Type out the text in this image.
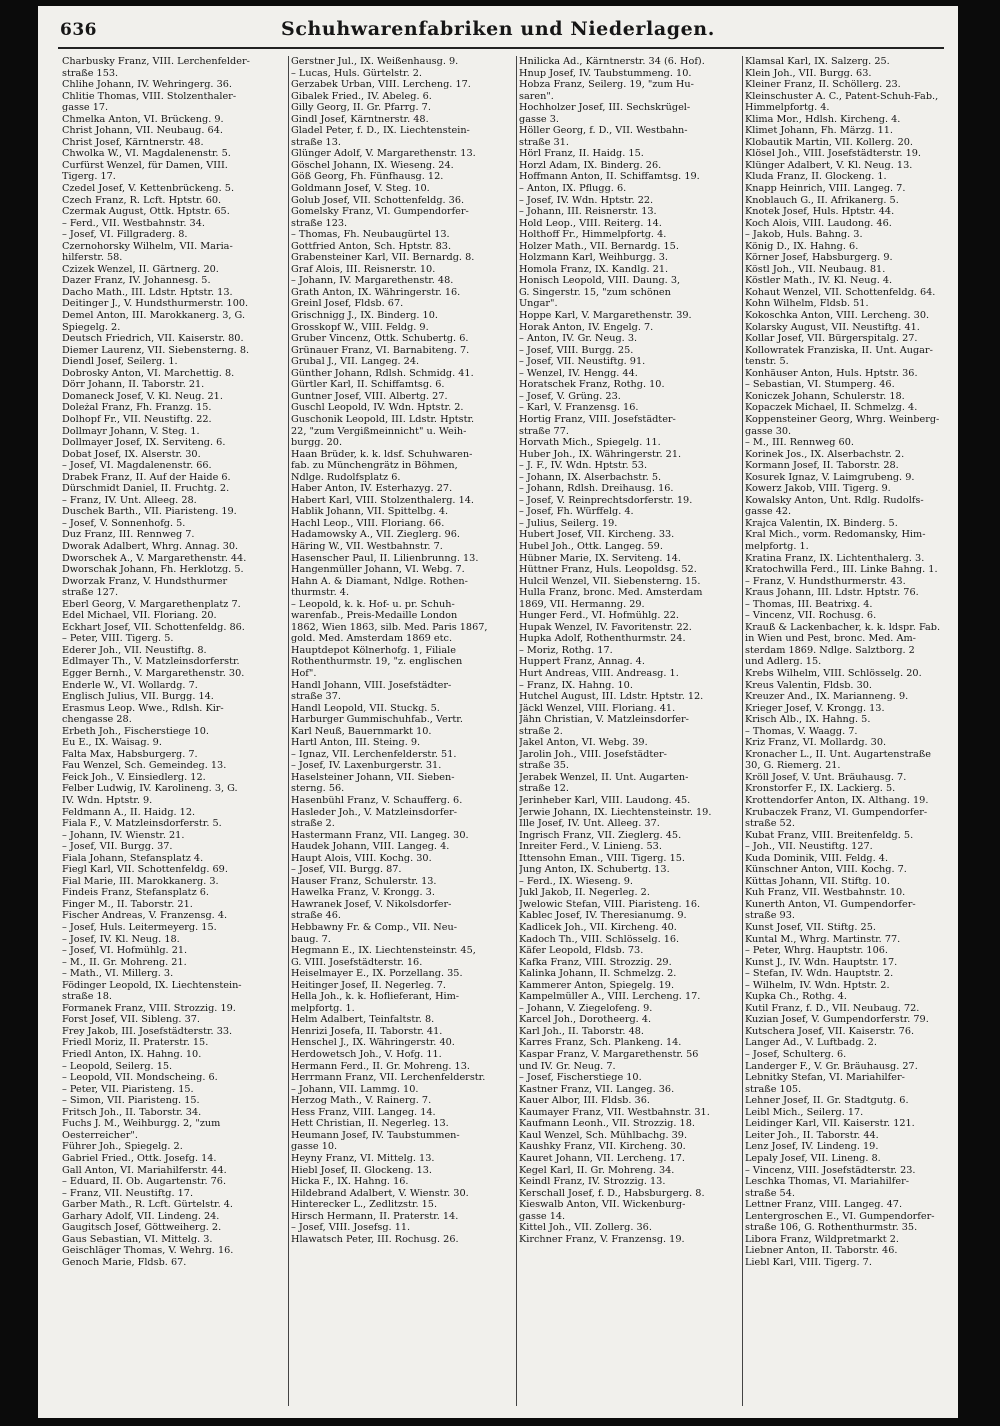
636	Schuhwarenfabriken und Niederlagen.
Charbusky Franz, VIII. Lerchenfelder-
straße 153.
Chlihe Johann, IV. Wehringerg. 36.
Chlitie Thomas, VIII. Stolzenthaler-
gasse 17.
Chmelka Anton, VI. Brückeng. 9.
Christ Johann, VII. Neubaug. 64.
Christ Josef, Kärntnerstr. 48.
Chwolka W., VI. Magdalenenstr. 5.
Curfürst Wenzel, für Damen, VIII.
Tigerg. 17.
Czedel Josef, V. Kettenbrückeng. 5.
Czech Franz, R. Lcft. Hptstr. 60.
Czermak August, Ottk. Hptstr. 65.
– Ferd., VII. Westbahnstr. 34.
– Josef, VI. Fillgraderg. 8.
Czernohorsky Wilhelm, VII. Maria-
hilferstr. 58.
Czizek Wenzel, II. Gärtnerg. 20.
Dazer Franz, IV. Johannesg. 5.
Dacho Math., III. Ldstr. Hptstr. 13.
Deitinger J., V. Hundsthurmerstr. 100.
Demel Anton, III. Marokkanerg. 3, G.
Spiegelg. 2.
Deutsch Friedrich, VII. Kaiserstr. 80.
Diemer Laurenz, VII. Siebensterng. 8.
Diendl Josef, Seilerg. 1.
Dobrosky Anton, VI. Marchettig. 8.
Dörr Johann, II. Taborstr. 21.
Domaneck Josef, V. Kl. Neug. 21.
Doleżal Franz, Fh. Franzg. 15.
Dolhopf Fr., VII. Neustiftg. 22.
Dollmayr Johann, V. Steg. 1.
Dollmayer Josef, IX. Serviteng. 6.
Dobat Josef, IX. Alserstr. 30.
– Josef, VI. Magdalenenstr. 66.
Drabek Franz, II. Auf der Haide 6.
Dürschmidt Daniel, II. Fruchtg. 2.
– Franz, IV. Unt. Alleeg. 28.
Duschek Barth., VII. Piaristeng. 19.
– Josef, V. Sonnenhofg. 5.
Duz Franz, III. Rennweg 7.
Dworak Adalbert, Whrg. Annag. 30.
Dworschek A., V. Margarethenstr. 44.
Dworschak Johann, Fh. Herklotzg. 5.
Dworzak Franz, V. Hundsthurmer
straße 127.
Eberl Georg, V. Margarethenplatz 7.
Edel Michael, VII. Floriang. 20.
Eckhart Josef, VII. Schottenfeldg. 86.
– Peter, VIII. Tigerg. 5.
Ederer Joh., VII. Neustiftg. 8.
Edlmayer Th., V. Matzleinsdorferstr.
Egger Bernh., V. Margarethenstr. 30.
Enderle W., VI. Wollardg. 7.
Englisch Julius, VII. Burgg. 14.
Erasmus Leop. Wwe., Rdlsh. Kir-
chengasse 28.
Erbeth Joh., Fischerstiege 10.
Eu E., IX. Waisag. 9.
Falta Max, Habsburgerg. 7.
Fau Wenzel, Sch. Gemeindeg. 13.
Feick Joh., V. Einsiedlerg. 12.
Felber Ludwig, IV. Karolineng. 3, G.
IV. Wdn. Hptstr. 9.
Feldmann A., II. Haidg. 12.
Fiala F., V. Matzleinsdorferstr. 5.
– Johann, IV. Wienstr. 21.
– Josef, VII. Burgg. 37.
Fiala Johann, Stefansplatz 4.
Fiegl Karl, VII. Schottenfeldg. 69.
Fial Marie, III. Marokkanerg. 3.
Findeis Franz, Stefansplatz 6.
Finger M., II. Taborstr. 21.
Fischer Andreas, V. Franzensg. 4.
– Josef, Huls. Leitermeyerg. 15.
– Josef, IV. Kl. Neug. 18.
– Josef, VI. Hofmühlg. 21.
– M., II. Gr. Mohreng. 21.
– Math., VI. Millerg. 3.
Födinger Leopold, IX. Liechtenstein-
straße 18.
Formanek Franz, VIII. Strozzig. 19.
Forst Josef, VII. Sibleng. 37.
Frey Jakob, III. Josefstädterstr. 33.
Friedl Moriz, II. Praterstr. 15.
Friedl Anton, IX. Hahng. 10.
– Leopold, Seilerg. 15.
– Leopold, VII. Mondscheing. 6.
– Peter, VII. Piaristeng. 15.
– Simon, VII. Piaristeng. 15.
Fritsch Joh., II. Taborstr. 34.
Fuchs J. M., Weihburgg. 2, "zum
Oesterreicher".
Führer Joh., Spiegelg. 2.
Gabriel Fried., Ottk. Josefg. 14.
Gall Anton, VI. Mariahilferstr. 44.
– Eduard, II. Ob. Augartenstr. 76.
– Franz, VII. Neustiftg. 17.
Garber Math., R. Lcft. Gürtelstr. 4.
Garhary Adolf, VII. Lindeng. 24.
Gaugitsch Josef, Göttweiherg. 2.
Gaus Sebastian, VI. Mittelg. 3.
Geischläger Thomas, V. Wehrg. 16.
Genoch Marie, Fldsb. 67.
Gerstner Jul., IX. Weißenhausg. 9.
– Lucas, Huls. Gürtelstr. 2.
Gerzabek Urban, VIII. Lercheng. 17.
Gibalek Fried., IV. Abeleg. 6.
Gilly Georg, II. Gr. Pfarrg. 7.
Gindl Josef, Kärntnerstr. 48.
Gladel Peter, f. D., IX. Liechtenstein-
straße 13.
Glünger Adolf, V. Margarethenstr. 13.
Göschel Johann, IX. Wieseng. 24.
Göß Georg, Fh. Fünfhausg. 12.
Goldmann Josef, V. Steg. 10.
Golub Josef, VII. Schottenfeldg. 36.
Gomelsky Franz, VI. Gumpendorfer-
straße 123.
– Thomas, Fh. Neubaugürtel 13.
Gottfried Anton, Sch. Hptstr. 83.
Grabensteiner Karl, VII. Bernardg. 8.
Graf Alois, III. Reisnerstr. 10.
– Johann, IV. Margarethenstr. 48.
Grath Anton, IX. Währingerstr. 16.
Greinl Josef, Fldsb. 67.
Grischnigg J., IX. Binderg. 10.
Grosskopf W., VIII. Feldg. 9.
Gruber Vincenz, Ottk. Schubertg. 6.
Grünauer Franz, VI. Barnabiteng. 7.
Grubal J., VII. Langeg. 24.
Günther Johann, Rdlsh. Schmidg. 41.
Gürtler Karl, II. Schiffamtsg. 6.
Guntner Josef, VIII. Albertg. 27.
Guschl Leopold, IV. Wdn. Hptstr. 2.
Guschonik Leopold, III. Ldstr. Hptstr.
22, "zum Vergißmeinnicht" u. Weih-
burgg. 20.
Haan Brüder, k. k. ldsf. Schuhwaren-
fab. zu Münchengrätz in Böhmen,
Ndlge. Rudolfsplatz 6.
Haber Anton, IV. Esterhazyg. 27.
Habert Karl, VIII. Stolzenthalerg. 14.
Hablik Johann, VII. Spittelbg. 4.
Hachl Leop., VIII. Floriang. 66.
Hadamowsky A., VII. Zieglerg. 96.
Häring W., VII. Westbahnstr. 7.
Hasenscher Paul, II. Lilienbrunng. 13.
Hangenmüller Johann, VI. Webg. 7.
Hahn A. & Diamant, Ndlge. Rothen-
thurmstr. 4.
– Leopold, k. k. Hof- u. pr. Schuh-
warenfab., Preis-Medaille London
1862, Wien 1863, silb. Med. Paris 1867,
gold. Med. Amsterdam 1869 etc.
Hauptdepot Kölnerhofg. 1, Filiale
Rothenthurmstr. 19, "z. englischen
Hof".
Handl Johann, VIII. Josefstädter-
straße 37.
Handl Leopold, VII. Stuckg. 5.
Harburger Gummischuhfab., Vertr.
Karl Neuß, Bauernmarkt 10.
Hartl Anton, III. Steing. 9.
– Ignaz, VII. Lerchenfelderstr. 51.
– Josef, IV. Laxenburgerstr. 31.
Haselsteiner Johann, VII. Sieben-
sterng. 56.
Hasenbühl Franz, V. Schaufferg. 6.
Hasleder Joh., V. Matzleinsdorfer-
straße 2.
Hastermann Franz, VII. Langeg. 30.
Haudek Johann, VIII. Langeg. 4.
Haupt Alois, VIII. Kochg. 30.
– Josef, VII. Burgg. 87.
Hauser Franz, Schulerstr. 13.
Hawelka Franz, V. Krongg. 3.
Hawranek Josef, V. Nikolsdorfer-
straße 46.
Hebbawny Fr. & Comp., VII. Neu-
baug. 7.
Hegmann E., IX. Liechtensteinstr. 45,
G. VIII. Josefstädterstr. 16.
Heiselmayer E., IX. Porzellang. 35.
Heitinger Josef, II. Negerleg. 7.
Hella Joh., k. k. Hoflieferant, Him-
melpfortg. 1.
Helm Adalbert, Teinfaltstr. 8.
Henrizi Josefa, II. Taborstr. 41.
Henschel J., IX. Währingerstr. 40.
Herdowetsch Joh., V. Hofg. 11.
Hermann Ferd., II. Gr. Mohreng. 13.
Herrmann Franz, VII. Lerchenfelderstr.
– Johann, VII. Lammg. 10.
Herzog Math., V. Rainerg. 7.
Hess Franz, VIII. Langeg. 14.
Hett Christian, II. Negerleg. 13.
Heumann Josef, IV. Taubstummen-
gasse 10.
Heyny Franz, VI. Mittelg. 13.
Hiebl Josef, II. Glockeng. 13.
Hicka F., IX. Hahng. 16.
Hildebrand Adalbert, V. Wienstr. 30.
Hinterecker L., Zedlitzstr. 15.
Hirsch Hermann, II. Praterstr. 14.
– Josef, VIII. Josefsg. 11.
Hlawatsch Peter, III. Rochusg. 26.
Hnilicka Ad., Kärntnerstr. 34 (6. Hof).
Hnup Josef, IV. Taubstummeng. 10.
Hobza Franz, Seilerg. 19, "zum Hu-
saren".
Hochholzer Josef, III. Sechskrügel-
gasse 3.
Höller Georg, f. D., VII. Westbahn-
straße 31.
Hörl Franz, II. Haidg. 15.
Horzl Adam, IX. Binderg. 26.
Hoffmann Anton, II. Schiffamtsg. 19.
– Anton, IX. Pflugg. 6.
– Josef, IV. Wdn. Hptstr. 22.
– Johann, III. Reisnerstr. 13.
Hold Leop., VIII. Reiterg. 14.
Holthoff Fr., Himmelpfortg. 4.
Holzer Math., VII. Bernardg. 15.
Holzmann Karl, Weihburgg. 3.
Homola Franz, IX. Kandlg. 21.
Honisch Leopold, VIII. Daung. 3,
G. Singerstr. 15, "zum schönen
Ungar".
Hoppe Karl, V. Margarethenstr. 39.
Horak Anton, IV. Engelg. 7.
– Anton, IV. Gr. Neug. 3.
– Josef, VIII. Burgg. 25.
– Josef, VII. Neustiftg. 91.
– Wenzel, IV. Hengg. 44.
Horatschek Franz, Rothg. 10.
– Josef, V. Grüng. 23.
– Karl, V. Franzensg. 16.
Hortig Franz, VIII. Josefstädter-
straße 77.
Horvath Mich., Spiegelg. 11.
Huber Joh., IX. Währingerstr. 21.
– J. F., IV. Wdn. Hptstr. 53.
– Johann, IX. Alserbachstr. 5.
– Johann, Rdlsh. Dreihausg. 16.
– Josef, V. Reinprechtsdorferstr. 19.
– Josef, Fh. Würffelg. 4.
– Julius, Seilerg. 19.
Hubert Josef, VII. Kircheng. 33.
Hubel Joh., Ottk. Langeg. 59.
Hübner Marie, IX. Serviteng. 14.
Hüttner Franz, Huls. Leopoldsg. 52.
Hulcil Wenzel, VII. Siebensterng. 15.
Hulla Franz, bronc. Med. Amsterdam
1869, VII. Hermanng. 29.
Hunger Ferd., VI. Hofmühlg. 22.
Hupak Wenzel, IV. Favoritenstr. 22.
Hupka Adolf, Rothenthurmstr. 24.
– Moriz, Rothg. 17.
Huppert Franz, Annag. 4.
Hurt Andreas, VIII. Andreasg. 1.
– Franz, IX. Hahng. 10.
Hutchel August, III. Ldstr. Hptstr. 12.
Jäckl Wenzel, VIII. Floriang. 41.
Jähn Christian, V. Matzleinsdorfer-
straße 2.
Jakel Anton, VI. Webg. 39.
Jarolin Joh., VIII. Josefstädter-
straße 35.
Jerabek Wenzel, II. Unt. Augarten-
straße 12.
Jerinheber Karl, VIII. Laudong. 45.
Jerwie Johann, IX. Liechtensteinstr. 19.
Ille Josef, IV. Unt. Alleeg. 37.
Ingrisch Franz, VII. Zieglerg. 45.
Inreiter Ferd., V. Linieng. 53.
Ittensohn Eman., VIII. Tigerg. 15.
Jung Anton, IX. Schubertg. 13.
– Ferd., IX. Wieseng. 9.
Jukl Jakob, II. Negerleg. 2.
Jwelowic Stefan, VIII. Piaristeng. 16.
Kablec Josef, IV. Theresianumg. 9.
Kadlicek Joh., VII. Kircheng. 40.
Kadoch Th., VIII. Schlösselg. 16.
Käfer Leopold, Fldsb. 73.
Kafka Franz, VIII. Strozzig. 29.
Kalinka Johann, II. Schmelzg. 2.
Kammerer Anton, Spiegelg. 19.
Kampelmüller A., VIII. Lercheng. 17.
– Johann, V. Ziegelofeng. 9.
Karcel Joh., Dorotheerg. 4.
Karl Joh., II. Taborstr. 48.
Karres Franz, Sch. Plankeng. 14.
Kaspar Franz, V. Margarethenstr. 56
und IV. Gr. Neug. 7.
– Josef, Fischerstiege 10.
Kastner Franz, VII. Langeg. 36.
Kauer Albor, III. Fldsb. 36.
Kaumayer Franz, VII. Westbahnstr. 31.
Kaufmann Leonh., VII. Strozzig. 18.
Kaul Wenzel, Sch. Mühlbachg. 39.
Kaushky Franz, VII. Kircheng. 30.
Kauret Johann, VII. Lercheng. 17.
Kegel Karl, II. Gr. Mohreng. 34.
Keindl Franz, IV. Strozzig. 13.
Kerschall Josef, f. D., Habsburgerg. 8.
Kieswalb Anton, VII. Wickenburg-
gasse 14.
Kittel Joh., VII. Zollerg. 36.
Kirchner Franz, V. Franzensg. 19.
Klamsal Karl, IX. Salzerg. 25.
Klein Joh., VII. Burgg. 63.
Kleiner Franz, II. Schöllerg. 23.
Kleinschuster A. C., Patent-Schuh-Fab.,
Himmelpfortg. 4.
Klima Mor., Hdlsh. Kircheng. 4.
Klimet Johann, Fh. Märzg. 11.
Klobautik Martin, VII. Kollerg. 20.
Klösel Joh., VIII. Josefstädterstr. 19.
Klünger Adalbert, V. Kl. Neug. 13.
Kluda Franz, II. Glockeng. 1.
Knapp Heinrich, VIII. Langeg. 7.
Knoblauch G., II. Afrikanerg. 5.
Knotek Josef, Huls. Hptstr. 44.
Koch Alois, VIII. Laudong. 46.
– Jakob, Huls. Bahng. 3.
König D., IX. Hahng. 6.
Körner Josef, Habsburgerg. 9.
Köstl Joh., VII. Neubaug. 81.
Köstler Math., IV. Kl. Neug. 4.
Kohaut Wenzel, VII. Schottenfeldg. 64.
Kohn Wilhelm, Fldsb. 51.
Kokoschka Anton, VIII. Lercheng. 30.
Kolarsky August, VII. Neustiftg. 41.
Kollar Josef, VII. Bürgerspitalg. 27.
Kollowratek Franziska, II. Unt. Augar-
tenstr. 5.
Konhäuser Anton, Huls. Hptstr. 36.
– Sebastian, VI. Stumperg. 46.
Koniczek Johann, Schulerstr. 18.
Kopaczek Michael, II. Schmelzg. 4.
Koppensteiner Georg, Whrg. Weinberg-
gasse 30.
– M., III. Rennweg 60.
Korinek Jos., IX. Alserbachstr. 2.
Kormann Josef, II. Taborstr. 28.
Kosurek Ignaz, V. Laimgrubeng. 9.
Kowerz Jakob, VIII. Tigerg. 9.
Kowalsky Anton, Unt. Rdlg. Rudolfs-
gasse 42.
Krajca Valentin, IX. Binderg. 5.
Kral Mich., vorm. Redomansky, Him-
melpfortg. 1.
Kratina Franz, IX. Lichtenthalerg. 3.
Kratochwilla Ferd., III. Linke Bahng. 1.
– Franz, V. Hundsthurmerstr. 43.
Kraus Johann, III. Ldstr. Hptstr. 76.
– Thomas, III. Beatrixg. 4.
– Vincenz, VII. Rochusg. 6.
Krauß & Lackenbacher, k. k. ldspr. Fab.
in Wien und Pest, bronc. Med. Am-
sterdam 1869. Ndlge. Salztborg. 2
und Adlerg. 15.
Krebs Wilhelm, VIII. Schlösselg. 20.
Kreus Valentin, Fldsb. 30.
Kreuzer And., IX. Marianneng. 9.
Krieger Josef, V. Krongg. 13.
Krisch Alb., IX. Hahng. 5.
– Thomas, V. Waagg. 7.
Kriz Franz, VI. Mollardg. 30.
Kronacher L., II. Unt. Augartenstraße
30, G. Riemerg. 21.
Kröll Josef, V. Unt. Bräuhausg. 7.
Kronstorfer F., IX. Lackierg. 5.
Krottendorfer Anton, IX. Althang. 19.
Krubaczek Franz, VI. Gumpendorfer-
straße 52.
Kubat Franz, VIII. Breitenfeldg. 5.
– Joh., VII. Neustiftg. 127.
Kuda Dominik, VIII. Feldg. 4.
Künschner Anton, VIII. Kochg. 7.
Küttas Johann, VII. Stiftg. 10.
Kuh Franz, VII. Westbahnstr. 10.
Kunerth Anton, VI. Gumpendorfer-
straße 93.
Kunst Josef, VII. Stiftg. 25.
Kuntal M., Whrg. Martinstr. 77.
– Peter, Whrg. Hauptstr. 106.
Kunst J., IV. Wdn. Hauptstr. 17.
– Stefan, IV. Wdn. Hauptstr. 2.
– Wilhelm, IV. Wdn. Hptstr. 2.
Kupka Ch., Rothg. 4.
Kutil Franz, f. D., VII. Neubaug. 72.
Kuzian Josef, V. Gumpendorferstr. 79.
Kutschera Josef, VII. Kaiserstr. 76.
Langer Ad., V. Luftbadg. 2.
– Josef, Schulterg. 6.
Landerger F., V. Gr. Bräuhausg. 27.
Lebnitky Stefan, VI. Mariahilfer-
straße 105.
Lehner Josef, II. Gr. Stadtgutg. 6.
Leibl Mich., Seilerg. 17.
Leidinger Karl, VII. Kaiserstr. 121.
Leiter Joh., II. Taborstr. 44.
Lenz Josef, IV. Lindeng. 19.
Lepaly Josef, VII. Lineng. 8.
– Vincenz, VIII. Josefstädterstr. 23.
Leschka Thomas, VI. Mariahilfer-
straße 54.
Lettner Franz, VIII. Langeg. 47.
Lentergroschen E., VI. Gumpendorfer-
straße 106, G. Rothenthurmstr. 35.
Libora Franz, Wildpretmarkt 2.
Liebner Anton, II. Taborstr. 46.
Liebl Karl, VIII. Tigerg. 7.
